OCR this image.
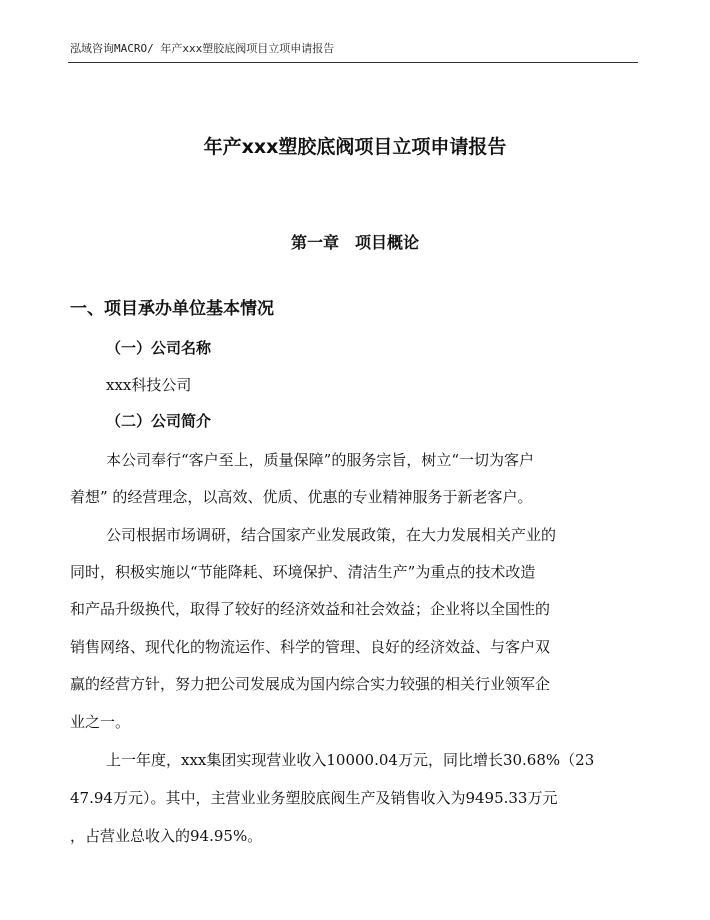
泓域咨询MACRO/ 年产xxx塑胶底阀项目立项申请报告
年产xxx塑胶底阀项目立项申请报告
第一章　项目概论
一、项目承办单位基本情况
（一）公司名称
xxx科技公司
（二）公司简介
本公司奉行“客户至上，质量保障”的服务宗旨，树立“一切为客户
着想” 的经营理念，以高效、优质、优惠的专业精神服务于新老客户。
公司根据市场调研，结合国家产业发展政策，在大力发展相关产业的
同时，积极实施以“节能降耗、环境保护、清洁生产”为重点的技术改造
和产品升级换代，取得了较好的经济效益和社会效益；企业将以全国性的
销售网络、现代化的物流运作、科学的管理、良好的经济效益、与客户双
赢的经营方针，努力把公司发展成为国内综合实力较强的相关行业领军企
业之一。
上一年度，xxx集团实现营业收入10000.04万元，同比增长30.68%（23
47.94万元）。其中，主营业业务塑胶底阀生产及销售收入为9495.33万元
，占营业总收入的94.95%。
